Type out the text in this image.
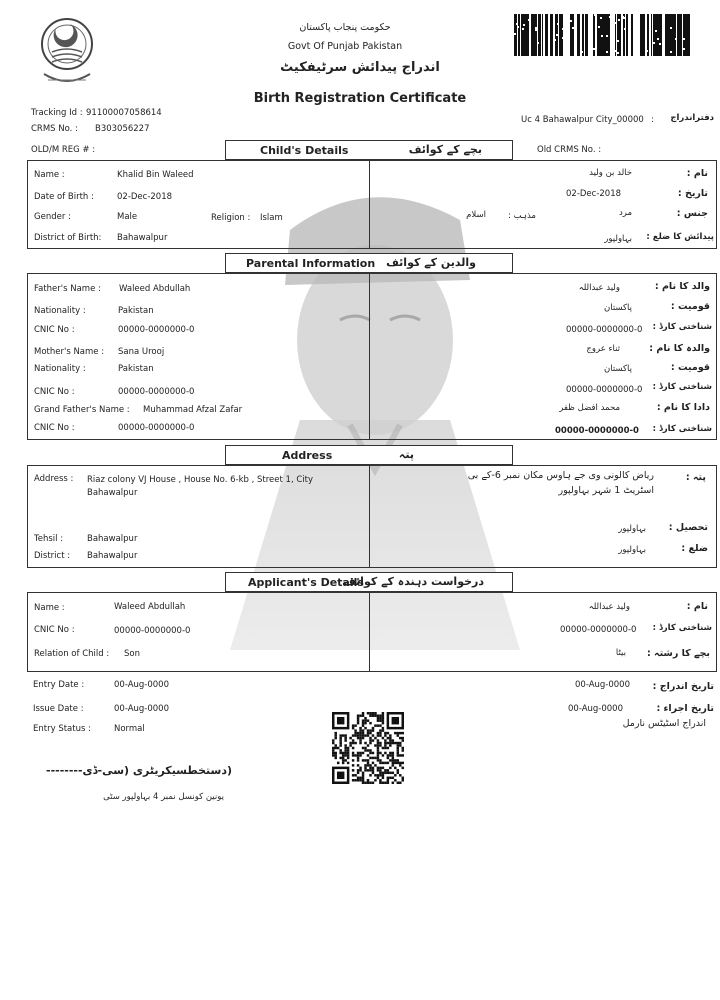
حکومت پنجاب پاکستان
Govt Of Punjab Pakistan
اندراج پیدائش سرٹیفکیٹ
Birth Registration Certificate
Tracking Id : 91100007058614
CRMS No. : B303056227
Uc 4 Bahawalpur City_00000 :	دفتراندراج
OLD/M REG # :	Old CRMS No. :
Child's Details	بچے کے کوائف
Name :	Khalid Bin Waleed
Date of Birth :	02-Dec-2018
Gender :	Male	Religion : Islam
District of Birth: Bahawalpur
نام :
خالد بن ولید
تاریخ :
02-Dec-2018
جنس :
مرد
مذہب :
اسلام
پیدائش کا ضلع :
بہاولپور
Parental Information والدین کے کوائف
Father's Name : Waleed Abdullah
Nationality :	Pakistan
CNIC No :	00000-0000000-0
Mother's Name : Sana Urooj
Nationality :	Pakistan
CNIC No :	00000-0000000-0
Grand Father's Name : Muhammad Afzal Zafar
CNIC No :	00000-0000000-0
والد کا نام :
ولید عبداللہ
قومیت :
پاکستان
شناختی کارڈ :
00000-0000000-0
والدہ کا نام :
ثناء عروج
قومیت :
پاکستان
شناختی کارڈ :
00000-0000000-0
دادا کا نام :
محمد افضل ظفر
شناختی کارڈ :
00000-0000000-0
Address	پتہ
Address : Riaz colony VJ House , House No. 6-kb , Street 1, City
Bahawalpur
Tehsil :	Bahawalpur
District : Bahawalpur
پتہ :
ریاض کالونی وی جے ہاوس مکان نمبر 6-کے بی
اسٹریٹ 1 شہر بہاولپور
تحصیل :
بہاولپور
ضلع :
بہاولپور
Applicant's Details
درخواست دہندہ کے کوائف
Name :	Waleed Abdullah
CNIC No :	00000-0000000-0
Relation of Child : Son
نام :
ولید عبداللہ
شناختی کارڈ :
00000-0000000-0
بچے کا رشتہ :
بیٹا
Entry Date :	00-Aug-0000
Issue Date :	00-Aug-0000
Entry Status :	Normal
تاریخ اندراج :
00-Aug-0000
تاریخ اجراء :
00-Aug-0000
اندراج اسٹیٹس نارمل
(دستخطسیکریٹری (سی-ڈی--------
یونین کونسل نمبر 4 بہاولپور سٹی
